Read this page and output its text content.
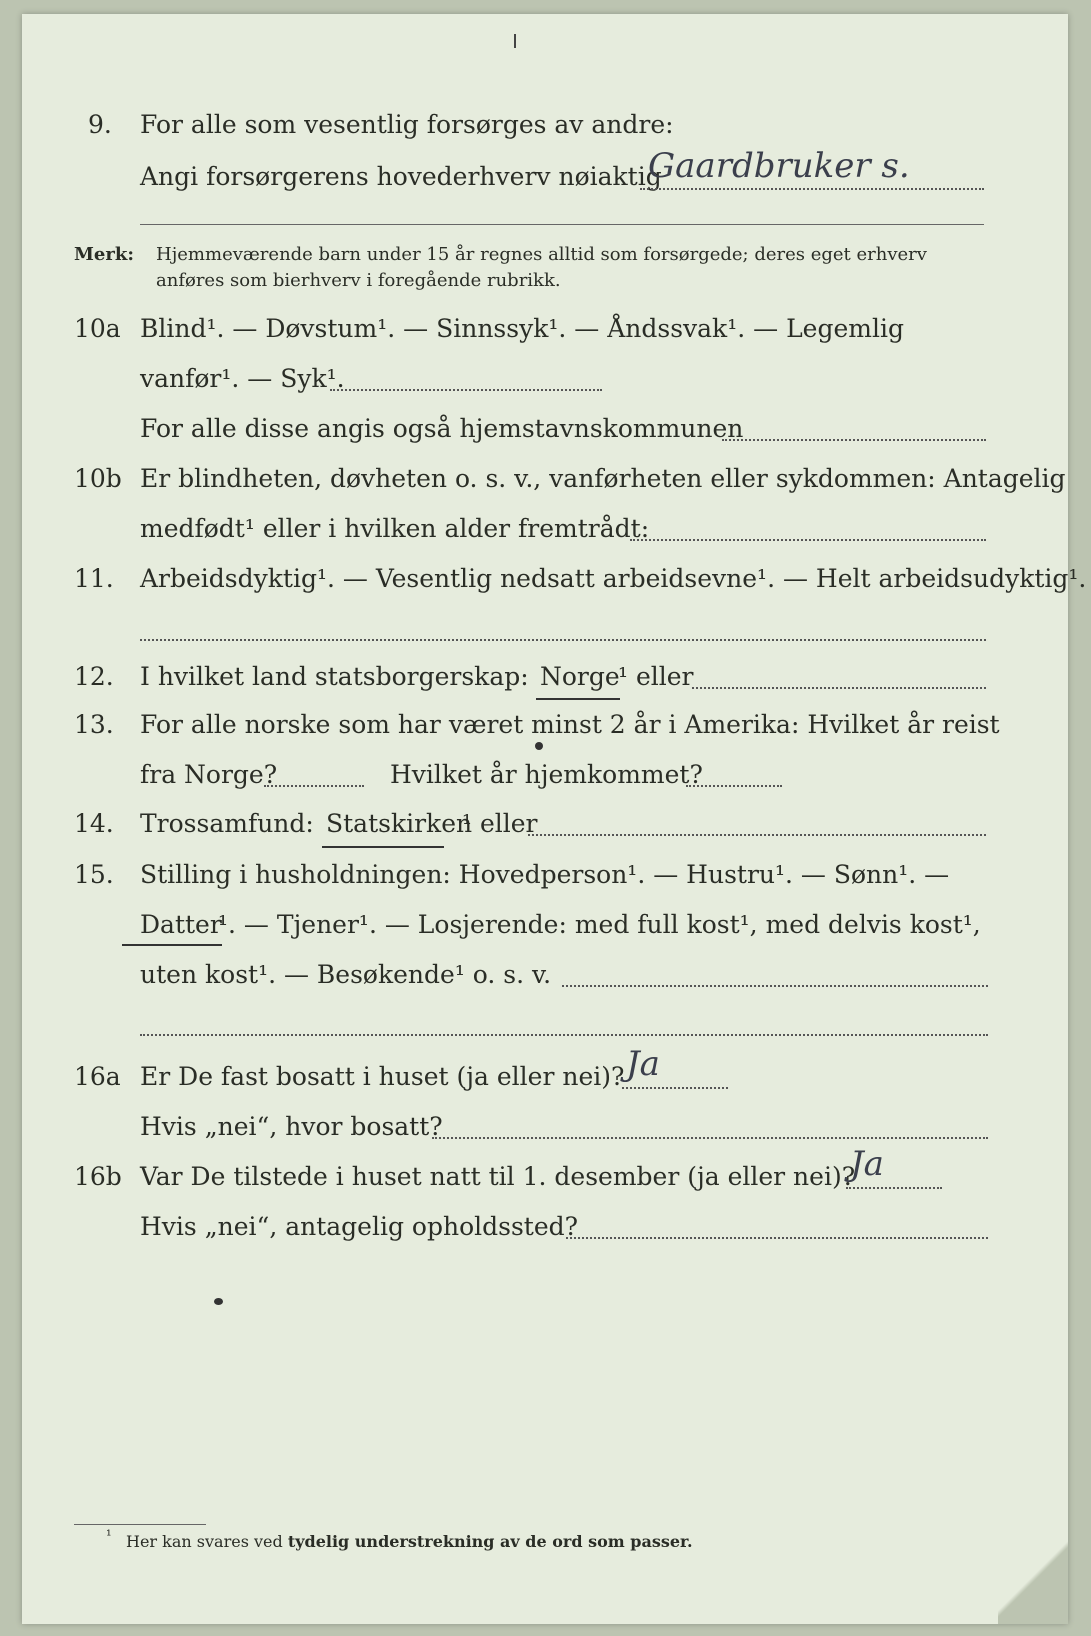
9. For alle som vesentlig forsørges av andre:
Angi forsørgerens hovederhverv nøiaktig
Gaardbruker s.
Merk: Hjemmeværende barn under 15 år regnes alltid som forsørgede; deres eget erhverv
anføres som bierhverv i foregående rubrikk.
10a Blind¹. — Døvstum¹. — Sinnssyk¹. — Åndssvak¹. — Legemlig
vanfør¹. — Syk¹.
For alle disse angis også hjemstavnskommunen
10b Er blindheten, døvheten o. s. v., vanførheten eller sykdommen: Antagelig
medfødt¹ eller i hvilken alder fremtrådt:
11. Arbeidsdyktig¹. — Vesentlig nedsatt arbeidsevne¹. — Helt arbeidsudyktig¹.
12. I hvilket land statsborgerskap: Norge
¹ eller
13. For alle norske som har været minst 2 år i Amerika: Hvilket år reist
fra Norge?	Hvilket år hjemkommet?
14. Trossamfund: Statskirken
¹ eller
15. Stilling i husholdningen: Hovedperson¹. — Hustru¹. — Sønn¹. —
Datter
¹. — Tjener¹. — Losjerende: med full kost¹, med delvis kost¹,
uten kost¹. — Besøkende¹ o. s. v.
16a Er De fast bosatt i huset (ja eller nei)? Ja
Hvis „nei“, hvor bosatt?
16b Var De tilstede i huset natt til 1. desember (ja eller nei)?
Ja
Hvis „nei“, antagelig opholdssted?
¹ Her kan svares ved tydelig understrekning av de ord som passer.
